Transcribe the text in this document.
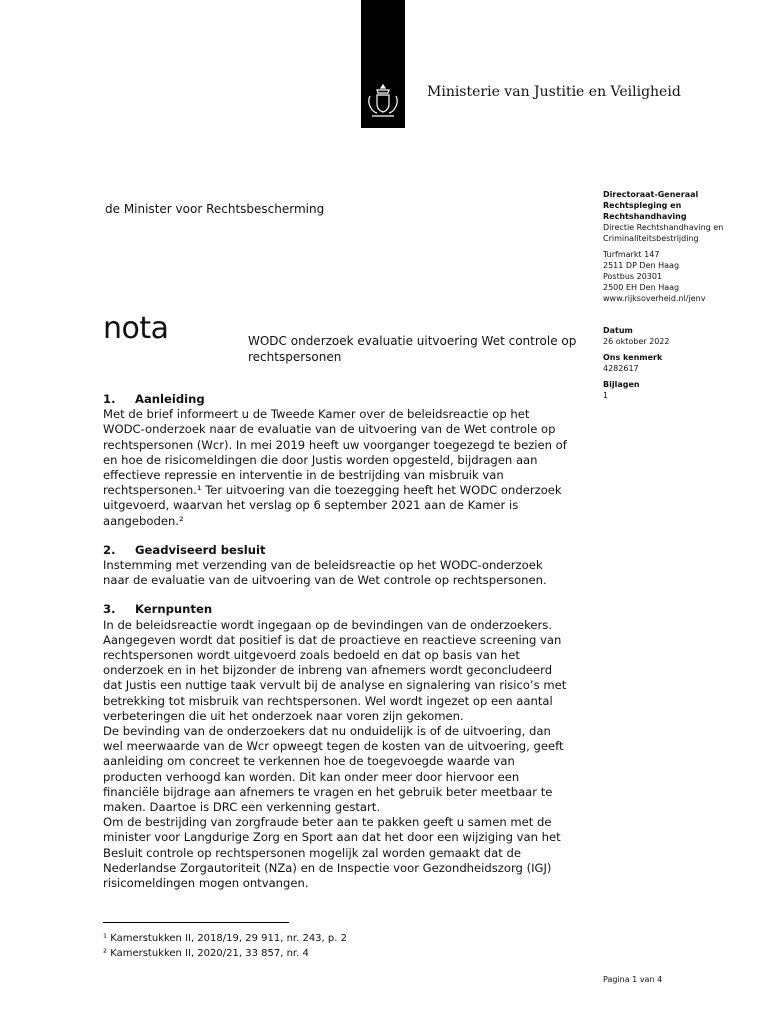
Ministerie van Justitie en Veiligheid
de Minister voor Rechtsbescherming
Directoraat-Generaal
Rechtspleging en
Rechtshandhaving
Directie Rechtshandhaving en
Criminaliteitsbestrijding
Turfmarkt 147
2511 DP Den Haag
Postbus 20301
2500 EH Den Haag
www.rijksoverheid.nl/jenv
Datum
26 oktober 2022
Ons kenmerk
4282617
Bijlagen
1
nota	WODC onderzoek evaluatie uitvoering Wet controle op rechtspersonen
1.	Aanleiding

Met de brief informeert u de Tweede Kamer over de beleidsreactie op het WODC-onderzoek naar de evaluatie van de uitvoering van de Wet controle op rechtspersonen (Wcr). In mei 2019 heeft uw voorganger toegezegd te bezien of en hoe de risicomeldingen die door Justis worden opgesteld, bijdragen aan effectieve repressie en interventie in de bestrijding van misbruik van rechtspersonen.¹ Ter uitvoering van die toezegging heeft het WODC onderzoek uitgevoerd, waarvan het verslag op 6 september 2021 aan de Kamer is aangeboden.²

2.	Geadviseerd besluit

Instemming met verzending van de beleidsreactie op het WODC-onderzoek naar de evaluatie van de uitvoering van de Wet controle op rechtspersonen.

3.	Kernpunten

In de beleidsreactie wordt ingegaan op de bevindingen van de onderzoekers. Aangegeven wordt dat positief is dat de proactieve en reactieve screening van rechtspersonen wordt uitgevoerd zoals bedoeld en dat op basis van het onderzoek en in het bijzonder de inbreng van afnemers wordt geconcludeerd dat Justis een nuttige taak vervult bij de analyse en signalering van risico’s met betrekking tot misbruik van rechtspersonen. Wel wordt ingezet op een aantal verbeteringen die uit het onderzoek naar voren zijn gekomen.

De bevinding van de onderzoekers dat nu onduidelijk is of de uitvoering, dan wel meerwaarde van de Wcr opweegt tegen de kosten van de uitvoering, geeft aanleiding om concreet te verkennen hoe de toegevoegde waarde van producten verhoogd kan worden. Dit kan onder meer door hiervoor een financiële bijdrage aan afnemers te vragen en het gebruik beter meetbaar te maken. Daartoe is DRC een verkenning gestart.

Om de bestrijding van zorgfraude beter aan te pakken geeft u samen met de minister voor Langdurige Zorg en Sport aan dat het door een wijziging van het Besluit controle op rechtspersonen mogelijk zal worden gemaakt dat de Nederlandse Zorgautoriteit (NZa) en de Inspectie voor Gezondheidszorg (IGJ) risicomeldingen mogen ontvangen.

¹ Kamerstukken II, 2018/19, 29 911, nr. 243, p. 2
² Kamerstukken II, 2020/21, 33 857, nr. 4
Pagina 1 van 4
